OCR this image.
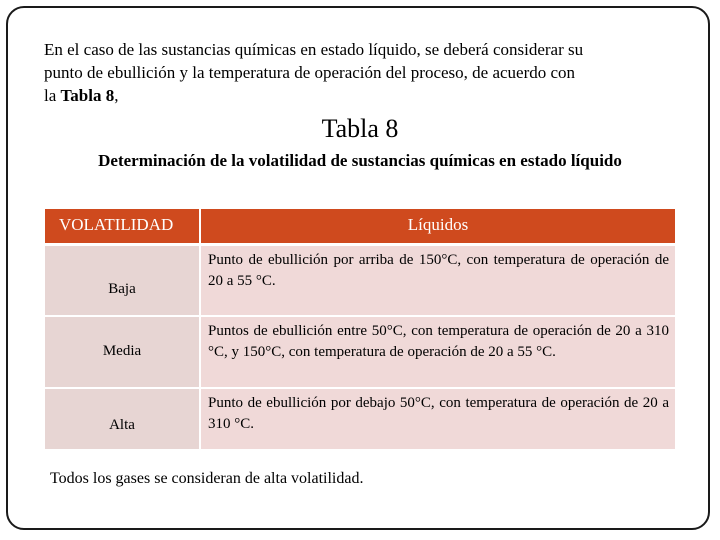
En el caso de las sustancias químicas en estado líquido, se deberá considerar su
punto de ebullición y la temperatura de operación del proceso, de acuerdo con
la Tabla 8,
Tabla 8
Determinación de la volatilidad de sustancias químicas en estado líquido
VOLATILIDAD	Líquidos
Baja	Punto de ebullición por arriba de 150°C, con temperatura de operación de 20 a 55 °C.
Media	Puntos de ebullición entre 50°C, con temperatura de operación de 20 a 310 °C, y 150°C, con temperatura de operación de 20 a 55 °C.
Alta	Punto de ebullición por debajo 50°C, con temperatura de operación de 20 a 310 °C.
Todos los gases se consideran de alta volatilidad.
